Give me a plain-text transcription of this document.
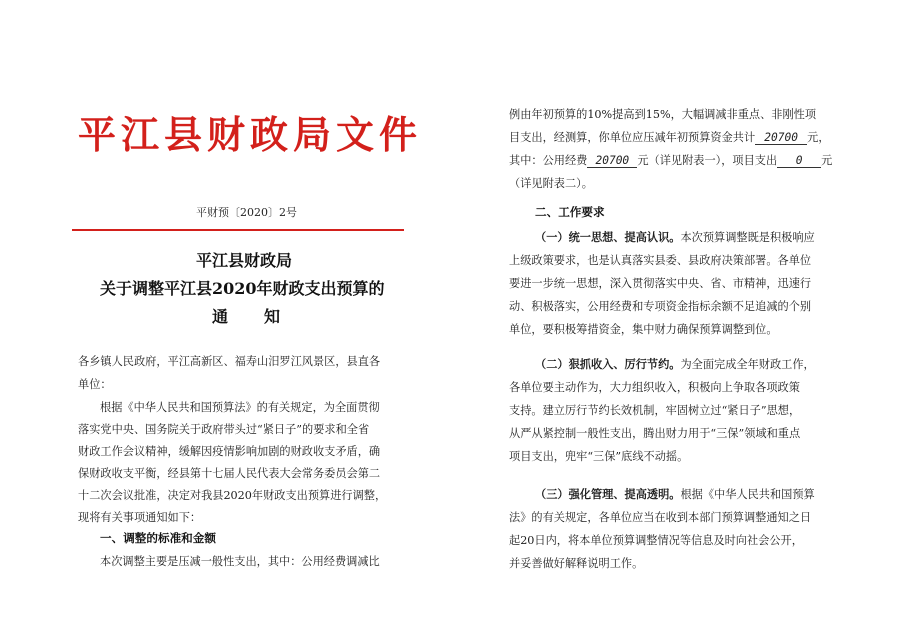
平江县财政局文件
平财预〔2020〕2号
平江县财政局
关于调整平江县2020年财政支出预算的
通 知
各乡镇人民政府，平江高新区、福寿山汨罗江风景区，县直各
单位：
根据《中华人民共和国预算法》的有关规定，为全面贯彻
落实党中央、国务院关于政府带头过“紧日子”的要求和全省
财政工作会议精神，缓解因疫情影响加剧的财政收支矛盾，确
保财政收支平衡，经县第十七届人民代表大会常务委员会第二
十二次会议批准，决定对我县2020年财政支出预算进行调整，
现将有关事项通知如下：
一、调整的标准和金额
本次调整主要是压减一般性支出，其中：公用经费调减比
例由年初预算的10%提高到15%，大幅调减非重点、非刚性项
目支出，经测算，你单位应压减年初预算资金共计 20700 元，
其中：公用经费 20700 元（详见附表一），项目支出 0 元
（详见附表二）。
二、工作要求
（一）统一思想、提高认识。本次预算调整既是积极响应
上级政策要求，也是认真落实县委、县政府决策部署。各单位
要进一步统一思想，深入贯彻落实中央、省、市精神，迅速行
动、积极落实，公用经费和专项资金指标余额不足追减的个别
单位，要积极筹措资金，集中财力确保预算调整到位。
（二）狠抓收入、厉行节约。为全面完成全年财政工作，
各单位要主动作为，大力组织收入，积极向上争取各项政策
支持。建立厉行节约长效机制，牢固树立过“紧日子”思想，
从严从紧控制一般性支出，腾出财力用于“三保”领域和重点
项目支出，兜牢“三保”底线不动摇。
（三）强化管理、提高透明。根据《中华人民共和国预算
法》的有关规定，各单位应当在收到本部门预算调整通知之日
起20日内，将本单位预算调整情况等信息及时向社会公开，
并妥善做好解释说明工作。
